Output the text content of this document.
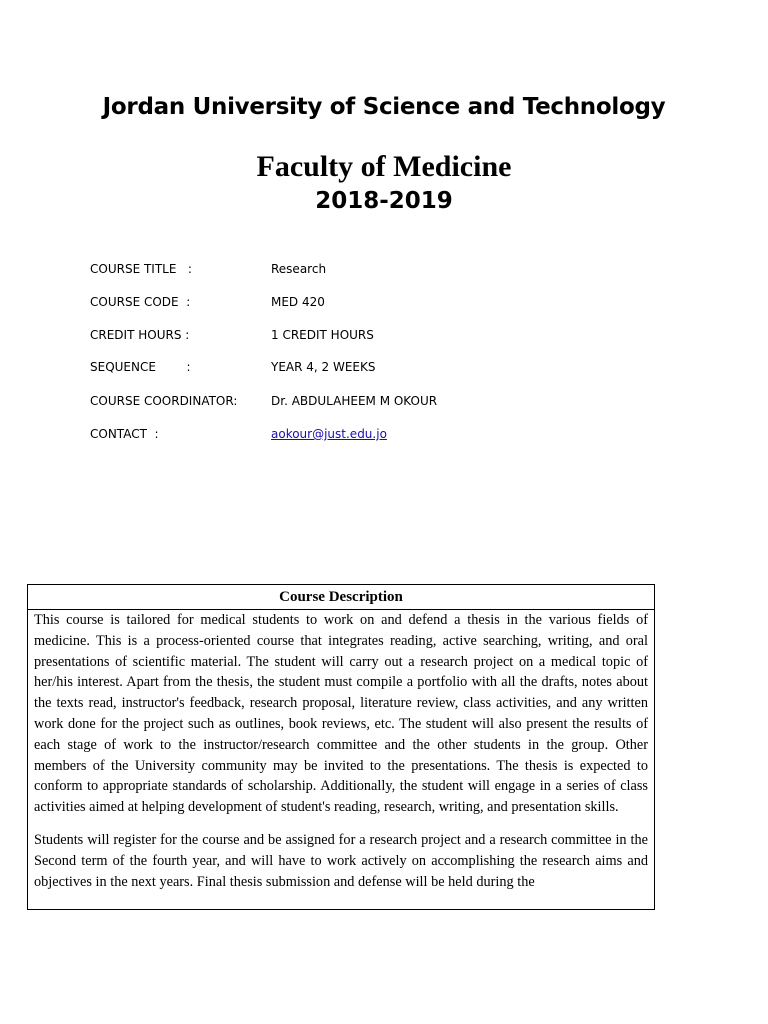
Jordan University of Science and Technology
Faculty of Medicine
2018-2019
COURSE TITLE   :	Research
COURSE CODE  :	MED 420
CREDIT HOURS :	1 CREDIT HOURS
SEQUENCE        :	YEAR 4, 2 WEEKS
COURSE COORDINATOR:	Dr. ABDULAHEEM M OKOUR
CONTACT  :	aokour@just.edu.jo
Course Description

This course is tailored for medical students to work on and defend a thesis in the various fields of medicine. This is a process-oriented course that integrates reading, active searching, writing, and oral presentations of scientific material. The student will carry out a research project on a medical topic of her/his interest. Apart from the thesis, the student must compile a portfolio with all the drafts, notes about the texts read, instructor's feedback, research proposal, literature review, class activities, and any written work done for the project such as outlines, book reviews, etc. The student will also present the results of each stage of work to the instructor/research committee and the other students in the group. Other members of the University community may be invited to the presentations. The thesis is expected to conform to appropriate standards of scholarship. Additionally, the student will engage in a series of class activities aimed at helping development of student's reading, research, writing, and presentation skills.

Students will register for the course and be assigned for a research project and a research committee in the Second term of the fourth year, and will have to work actively on accomplishing the research aims and objectives in the next years. Final thesis submission and defense will be held during the
